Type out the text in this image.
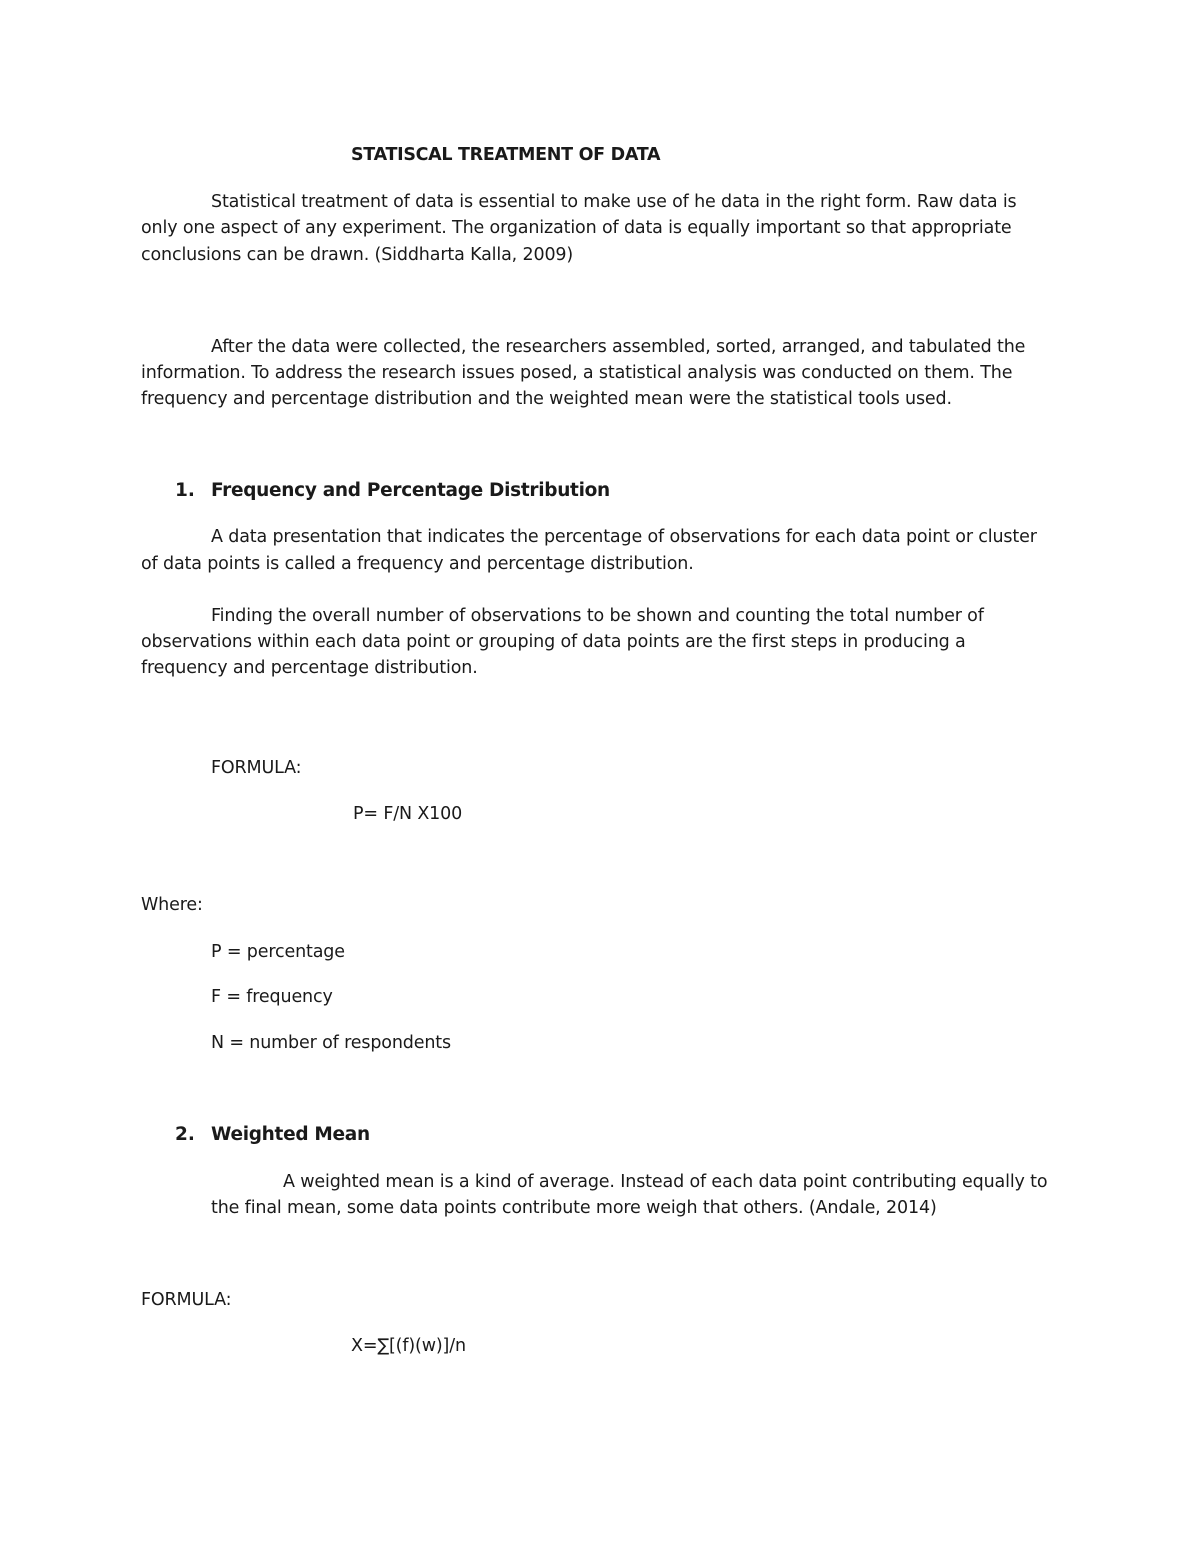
STATISCAL TREATMENT OF DATA
Statistical treatment of data is essential to make use of he data in the right form. Raw data is
only one aspect of any experiment. The organization of data is equally important so that appropriate
conclusions can be drawn. (Siddharta Kalla, 2009)
After the data were collected, the researchers assembled, sorted, arranged, and tabulated the
information. To address the research issues posed, a statistical analysis was conducted on them. The
frequency and percentage distribution and the weighted mean were the statistical tools used.
1. Frequency and Percentage Distribution
A data presentation that indicates the percentage of observations for each data point or cluster
of data points is called a frequency and percentage distribution.
Finding the overall number of observations to be shown and counting the total number of
observations within each data point or grouping of data points are the first steps in producing a
frequency and percentage distribution.
FORMULA:
P= F/N X100
Where:
P = percentage
F = frequency
N = number of respondents
2. Weighted Mean
A weighted mean is a kind of average. Instead of each data point contributing equally to
the final mean, some data points contribute more weigh that others. (Andale, 2014)
FORMULA:
X=∑[(f)(w)]/n
